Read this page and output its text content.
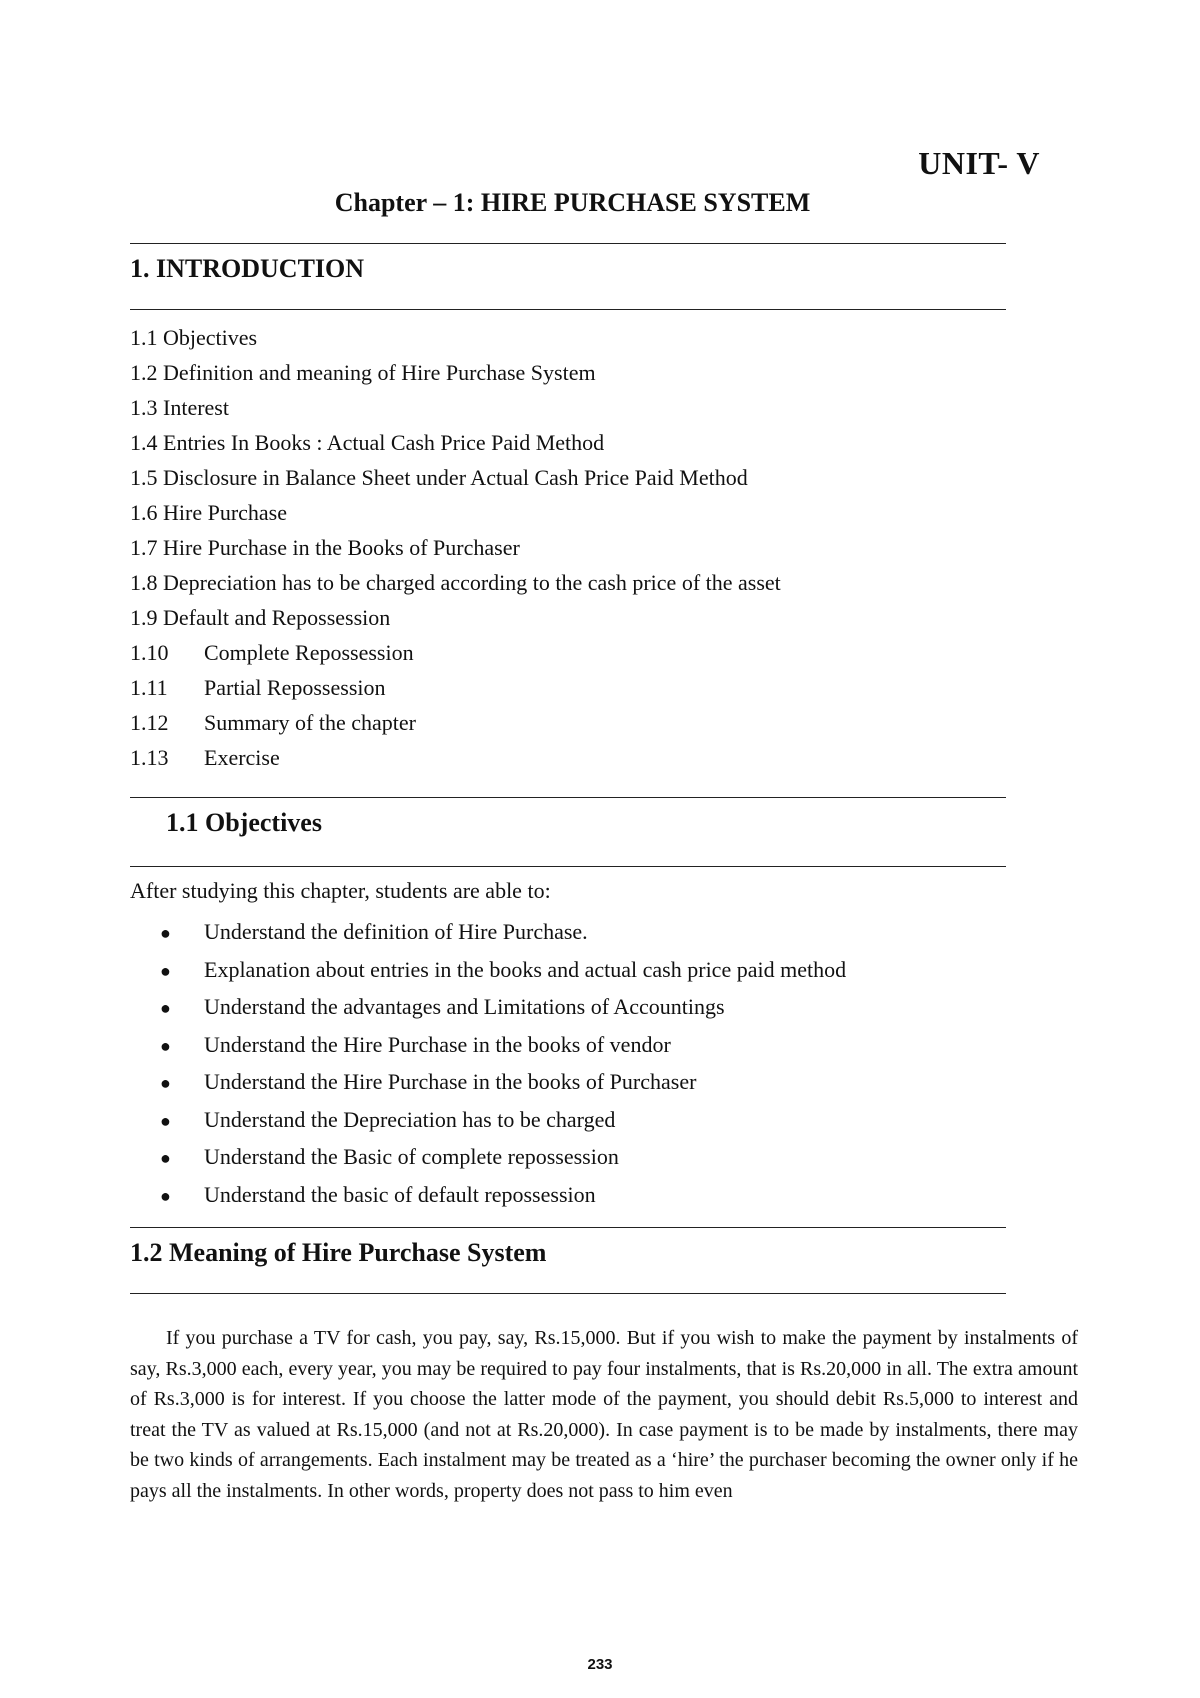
UNIT- V
Chapter – 1: HIRE PURCHASE SYSTEM
1. INTRODUCTION
1.1 Objectives
1.2 Definition and meaning of Hire Purchase System
1.3 Interest
1.4 Entries In Books : Actual Cash Price Paid Method
1.5 Disclosure in Balance Sheet under Actual Cash Price Paid Method
1.6 Hire Purchase
1.7 Hire Purchase in the Books of Purchaser
1.8 Depreciation has to be charged according to the cash price of the asset
1.9 Default and Repossession
1.10 Complete Repossession
1.11 Partial Repossession
1.12 Summary of the chapter
1.13 Exercise
1.1 Objectives
After studying this chapter, students are able to:
● Understand the definition of Hire Purchase.
● Explanation about entries in the books and actual cash price paid method
● Understand the advantages and Limitations of Accountings
● Understand the Hire Purchase in the books of vendor
● Understand the Hire Purchase in the books of Purchaser
● Understand the Depreciation has to be charged
● Understand the Basic of complete repossession
● Understand the basic of default repossession
1.2 Meaning of Hire Purchase System

If you purchase a TV for cash, you pay, say, Rs.15,000. But if you wish to make the payment by instalments of say, Rs.3,000 each, every year, you may be required to pay four instalments, that is Rs.20,000 in all. The extra amount of Rs.3,000 is for interest. If you choose the latter mode of the payment, you should debit Rs.5,000 to interest and treat the TV as valued at Rs.15,000 (and not at Rs.20,000). In case payment is to be made by instalments, there may be two kinds of arrangements. Each instalment may be treated as a ‘hire’ the purchaser becoming the owner only if he pays all the instalments. In other words, property does not pass to him even

233
